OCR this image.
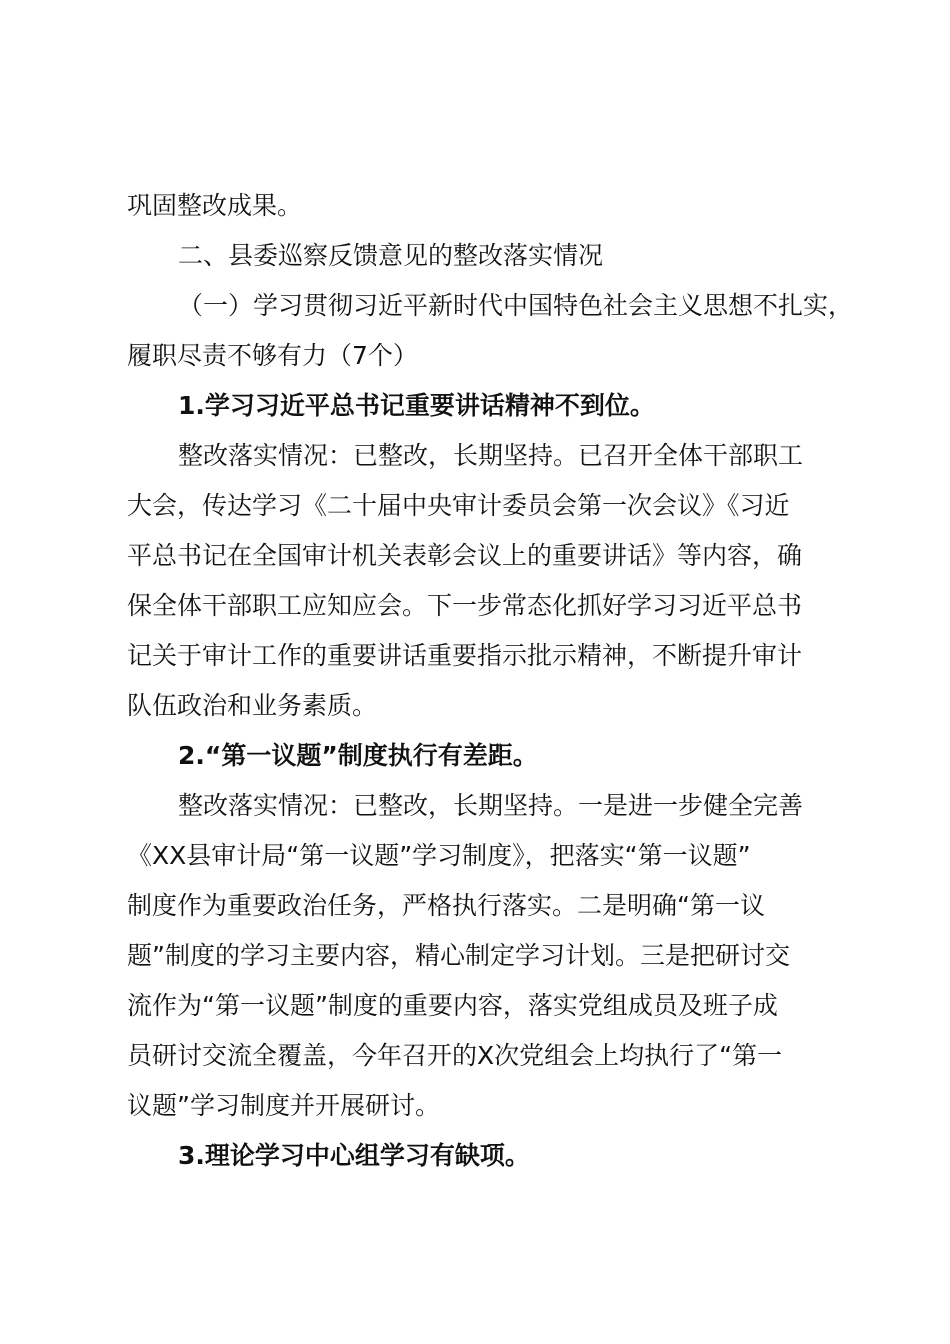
巩固整改成果。
二、县委巡察反馈意见的整改落实情况
（一）学习贯彻习近平新时代中国特色社会主义思想不扎实，
履职尽责不够有力（7个）
1.学习习近平总书记重要讲话精神不到位。
整改落实情况：已整改，长期坚持。已召开全体干部职工
大会，传达学习《二十届中央审计委员会第一次会议》《习近
平总书记在全国审计机关表彰会议上的重要讲话》等内容，确
保全体干部职工应知应会。下一步常态化抓好学习习近平总书
记关于审计工作的重要讲话重要指示批示精神，不断提升审计
队伍政治和业务素质。
2.“第一议题”制度执行有差距。
整改落实情况：已整改，长期坚持。一是进一步健全完善
《XX县审计局“第一议题”学习制度》，把落实“第一议题”
制度作为重要政治任务，严格执行落实。二是明确“第一议
题”制度的学习主要内容，精心制定学习计划。三是把研讨交
流作为“第一议题”制度的重要内容，落实党组成员及班子成
员研讨交流全覆盖，今年召开的X次党组会上均执行了“第一
议题”学习制度并开展研讨。
3.理论学习中心组学习有缺项。
